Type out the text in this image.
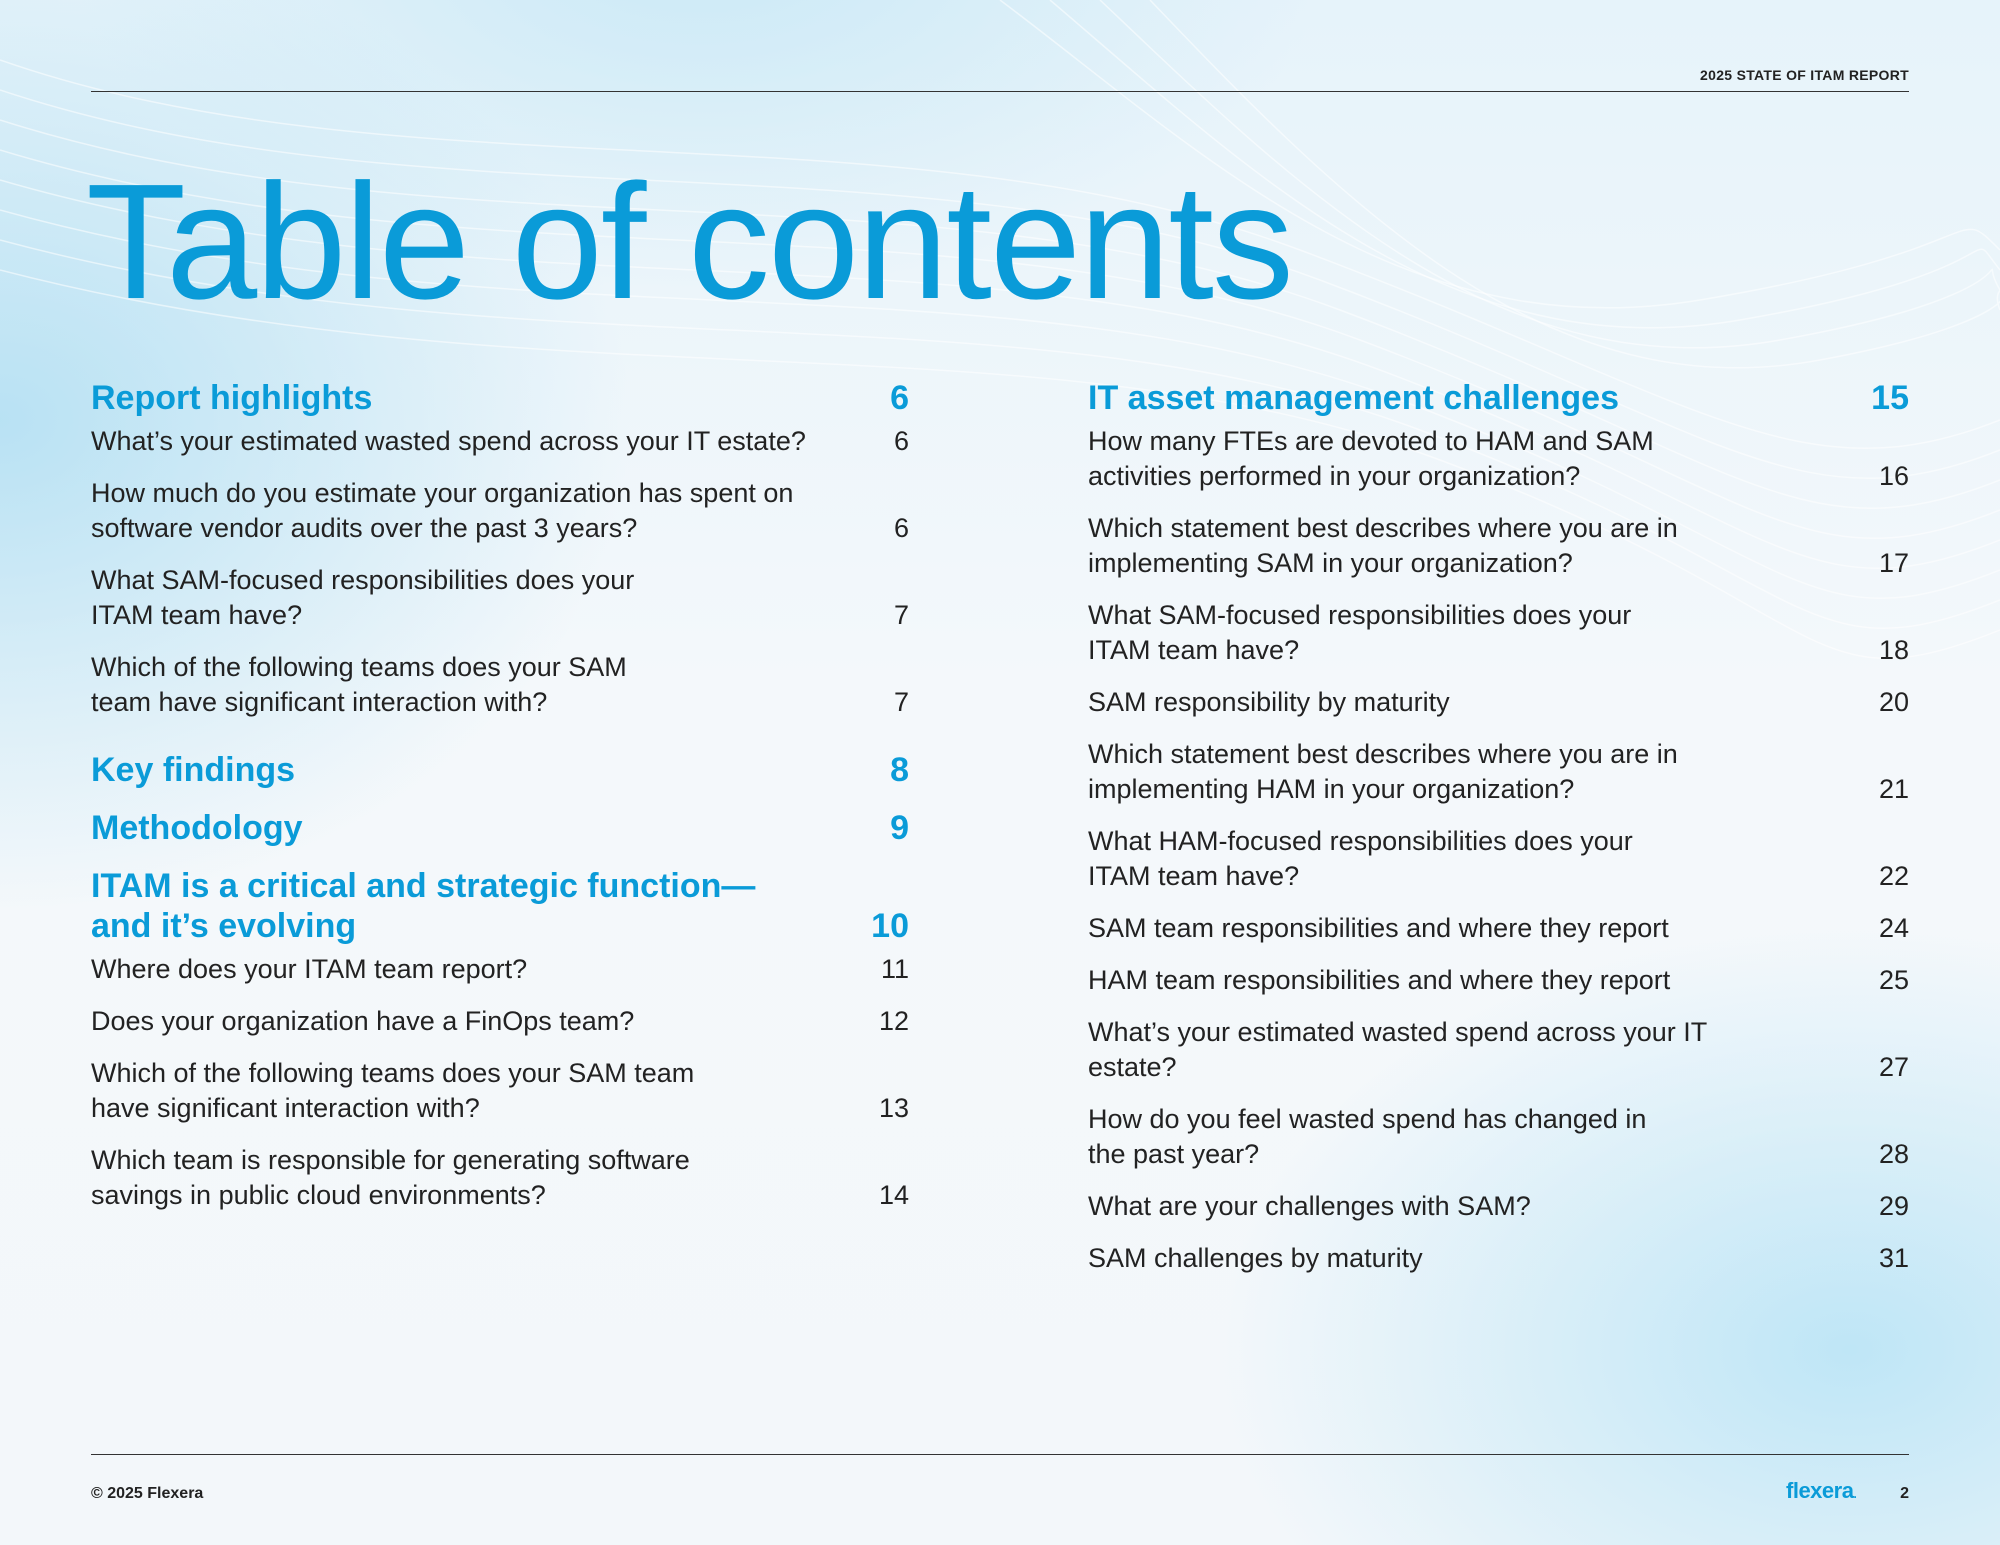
2025 STATE OF ITAM REPORT
Table of contents
Report highlights	6
What’s your estimated wasted spend across your IT estate?	6
How much do you estimate your organization has spent on software vendor audits over the past 3 years?	6
What SAM-focused responsibilities does your ITAM team have?	7
Which of the following teams does your SAM team have significant interaction with?	7
Key findings	8
Methodology	9
ITAM is a critical and strategic function—and it’s evolving	10
Where does your ITAM team report?	11
Does your organization have a FinOps team?	12
Which of the following teams does your SAM team have significant interaction with?	13
Which team is responsible for generating software savings in public cloud environments?	14
IT asset management challenges	15
How many FTEs are devoted to HAM and SAM activities performed in your organization?	16
Which statement best describes where you are in implementing SAM in your organization?	17
What SAM-focused responsibilities does your ITAM team have?	18
SAM responsibility by maturity	20
Which statement best describes where you are in implementing HAM in your organization?	21
What HAM-focused responsibilities does your ITAM team have?	22
SAM team responsibilities and where they report	24
HAM team responsibilities and where they report	25
What’s your estimated wasted spend across your IT estate?	27
How do you feel wasted spend has changed in the past year?	28
What are your challenges with SAM?	29
SAM challenges by maturity	31
© 2025 Flexera	flexera.	2
